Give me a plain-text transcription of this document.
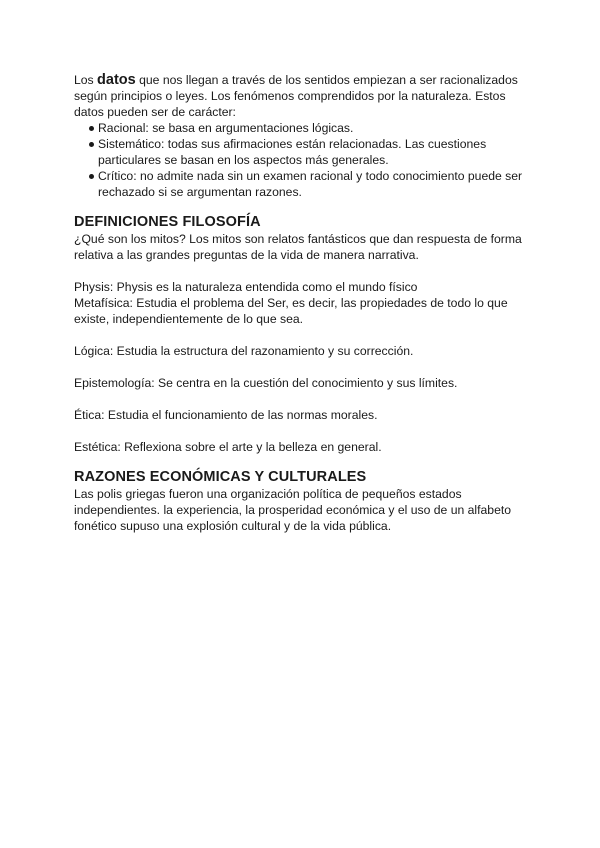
Los datos que nos llegan a través de los sentidos empiezan a ser racionalizados según principios o leyes. Los fenómenos comprendidos por la naturaleza. Estos datos pueden ser de carácter:

Racional: se basa en argumentaciones lógicas.
Sistemático: todas sus afirmaciones están relacionadas. Las cuestiones particulares se basan en los aspectos más generales.
Crítico: no admite nada sin un examen racional y todo conocimiento puede ser rechazado si se argumentan razones.
DEFINICIONES FILOSOFÍA

¿Qué son los mitos? Los mitos son relatos fantásticos que dan respuesta de forma relativa a las grandes preguntas de la vida de manera narrativa.

Physis: Physis es la naturaleza entendida como el mundo físico

Metafísica: Estudia el problema del Ser, es decir, las propiedades de todo lo que existe, independientemente de lo que sea.

Lógica: Estudia la estructura del razonamiento y su corrección.

Epistemología: Se centra en la cuestión del conocimiento y sus límites.

Ética: Estudia el funcionamiento de las normas morales.

Estética: Reflexiona sobre el arte y la belleza en general.

RAZONES ECONÓMICAS Y CULTURALES

Las polis griegas fueron una organización política de pequeños estados independientes. la experiencia, la prosperidad económica y el uso de un alfabeto fonético supuso una explosión cultural y de la vida pública.
